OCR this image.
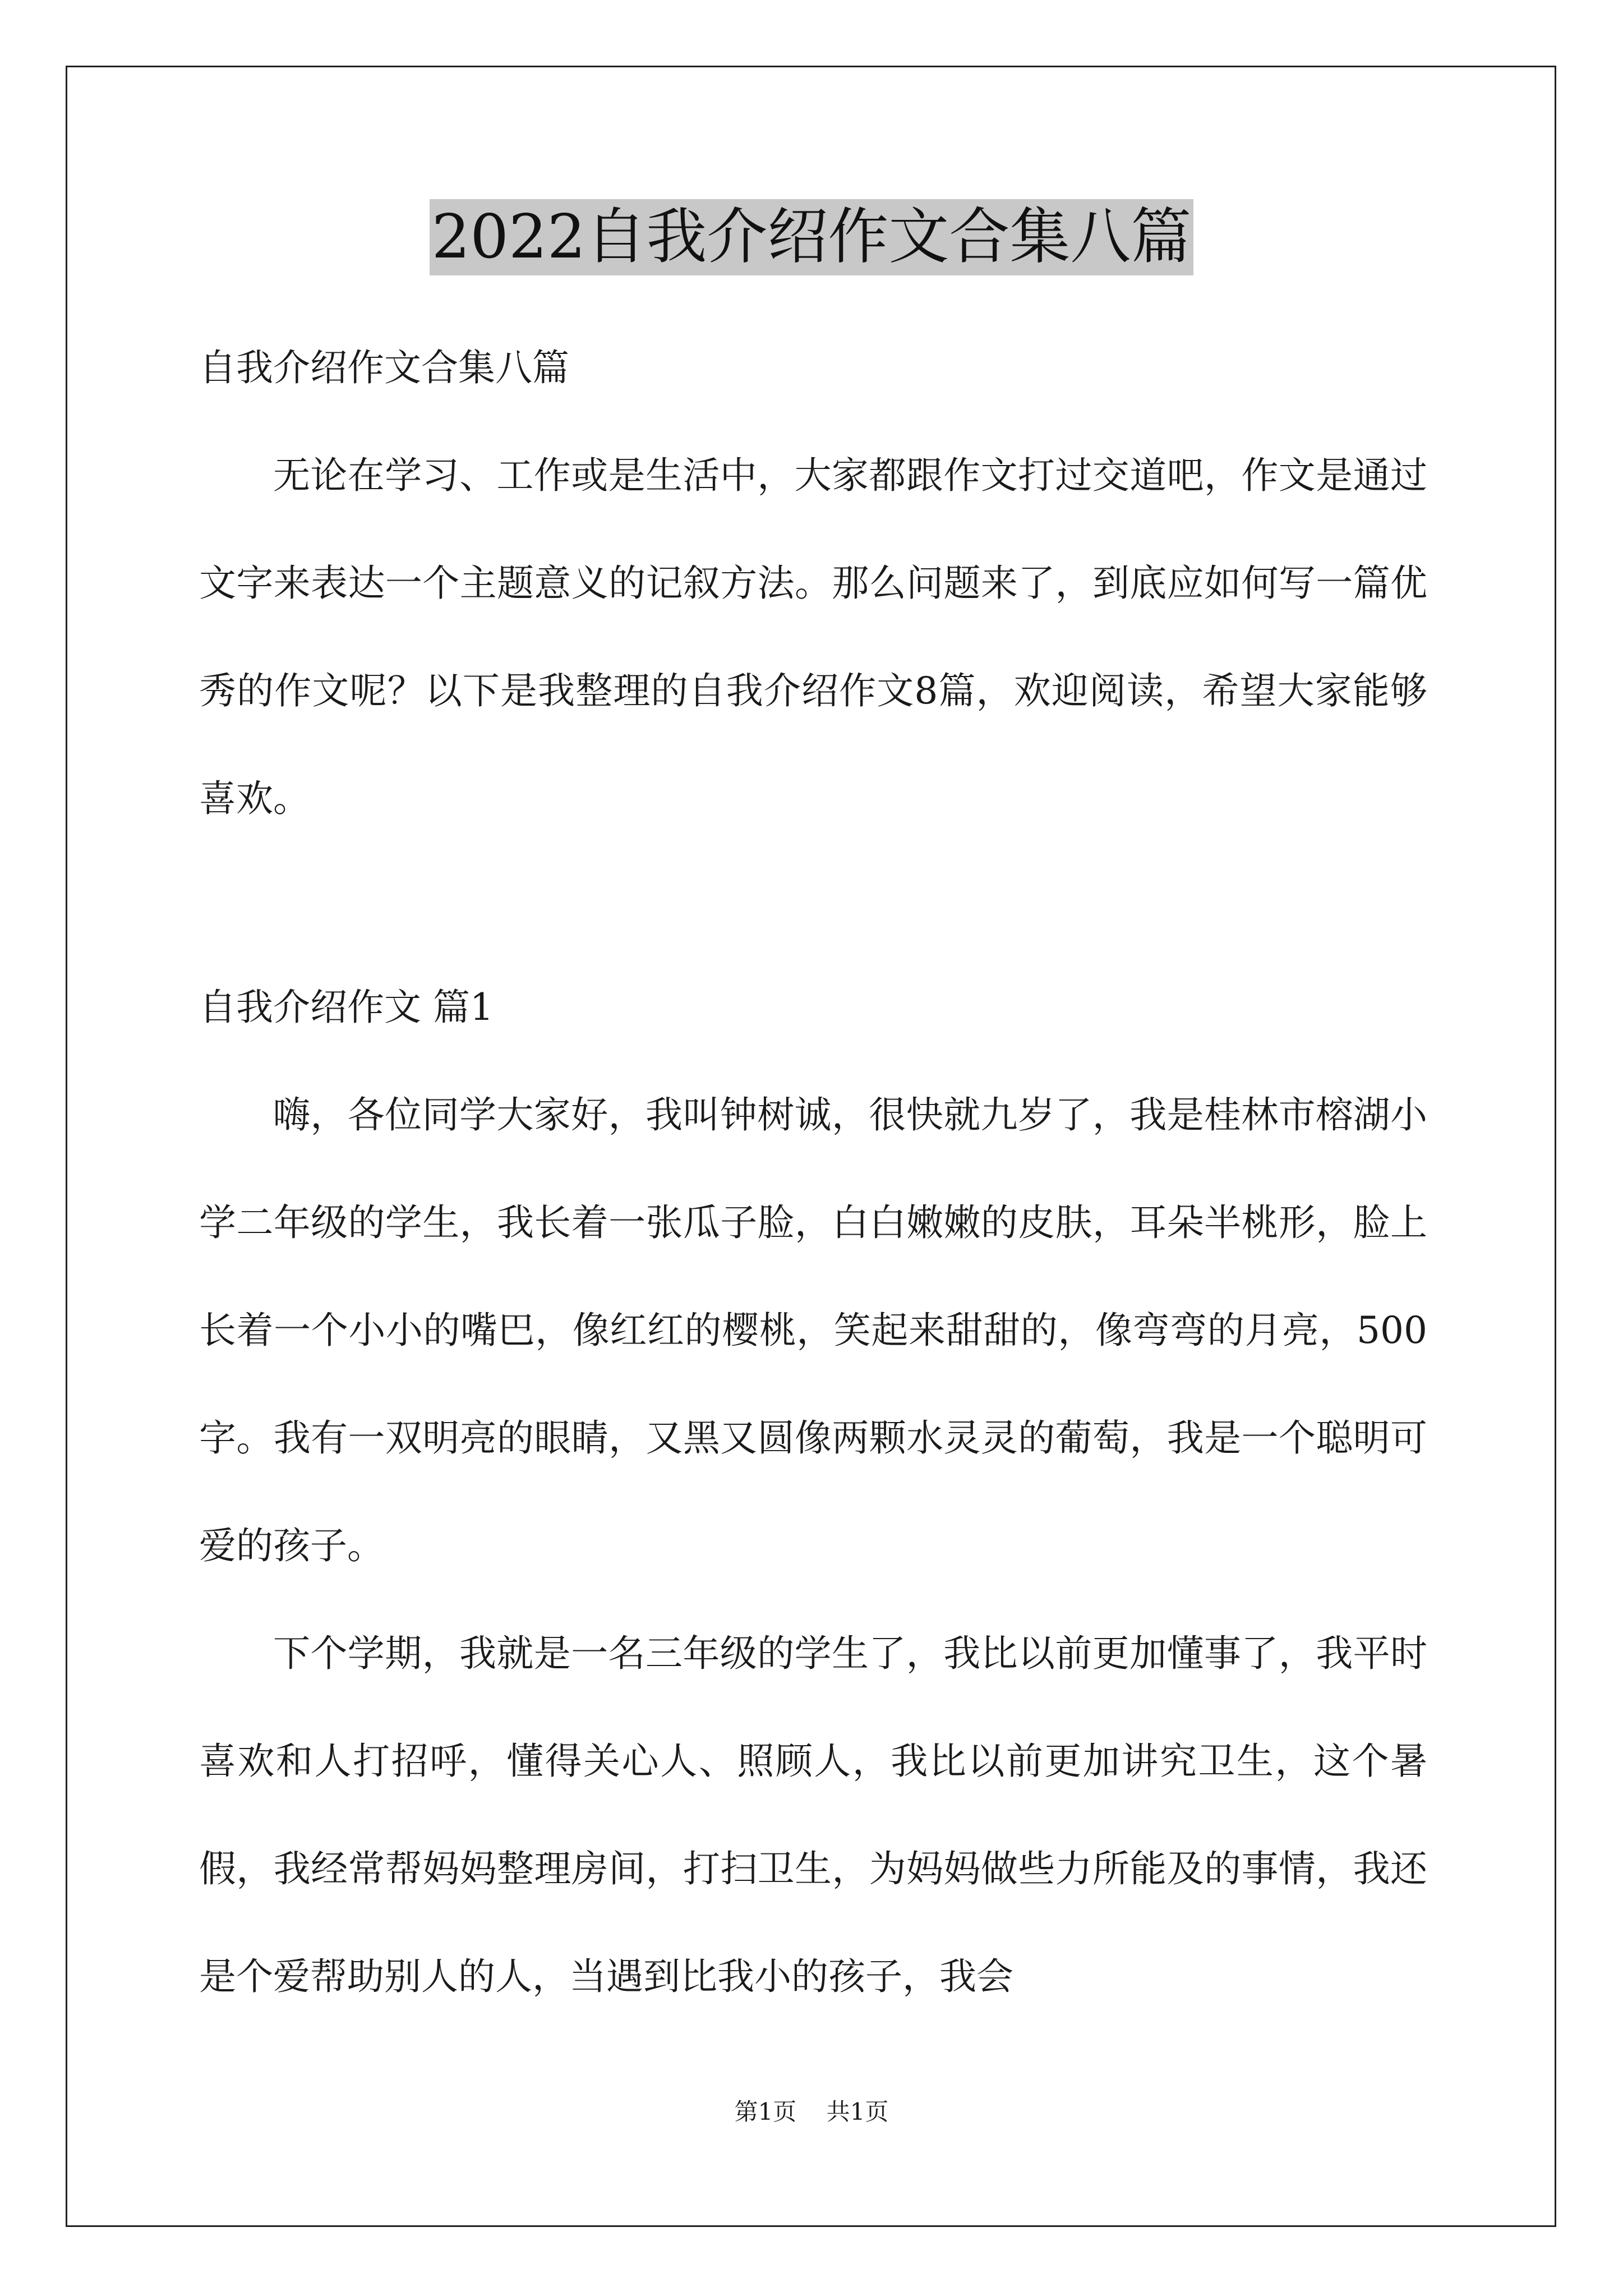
2022自我介绍作文合集八篇

自我介绍作文合集八篇

无论在学习、工作或是生活中，大家都跟作文打过交道吧，作文是通过文字来表达一个主题意义的记叙方法。那么问题来了，到底应如何写一篇优秀的作文呢？以下是我整理的自我介绍作文8篇，欢迎阅读，希望大家能够喜欢。

自我介绍作文 篇1

嗨，各位同学大家好，我叫钟树诚，很快就九岁了，我是桂林市榕湖小学二年级的学生，我长着一张瓜子脸，白白嫩嫩的皮肤，耳朵半桃形，脸上长着一个小小的嘴巴，像红红的樱桃，笑起来甜甜的，像弯弯的月亮，500字。我有一双明亮的眼睛，又黑又圆像两颗水灵灵的葡萄，我是一个聪明可爱的孩子。

下个学期，我就是一名三年级的学生了，我比以前更加懂事了，我平时喜欢和人打招呼，懂得关心人、照顾人，我比以前更加讲究卫生，这个暑假，我经常帮妈妈整理房间，打扫卫生，为妈妈做些力所能及的事情，我还是个爱帮助别人的人，当遇到比我小的孩子，我会

第1页 共1页
